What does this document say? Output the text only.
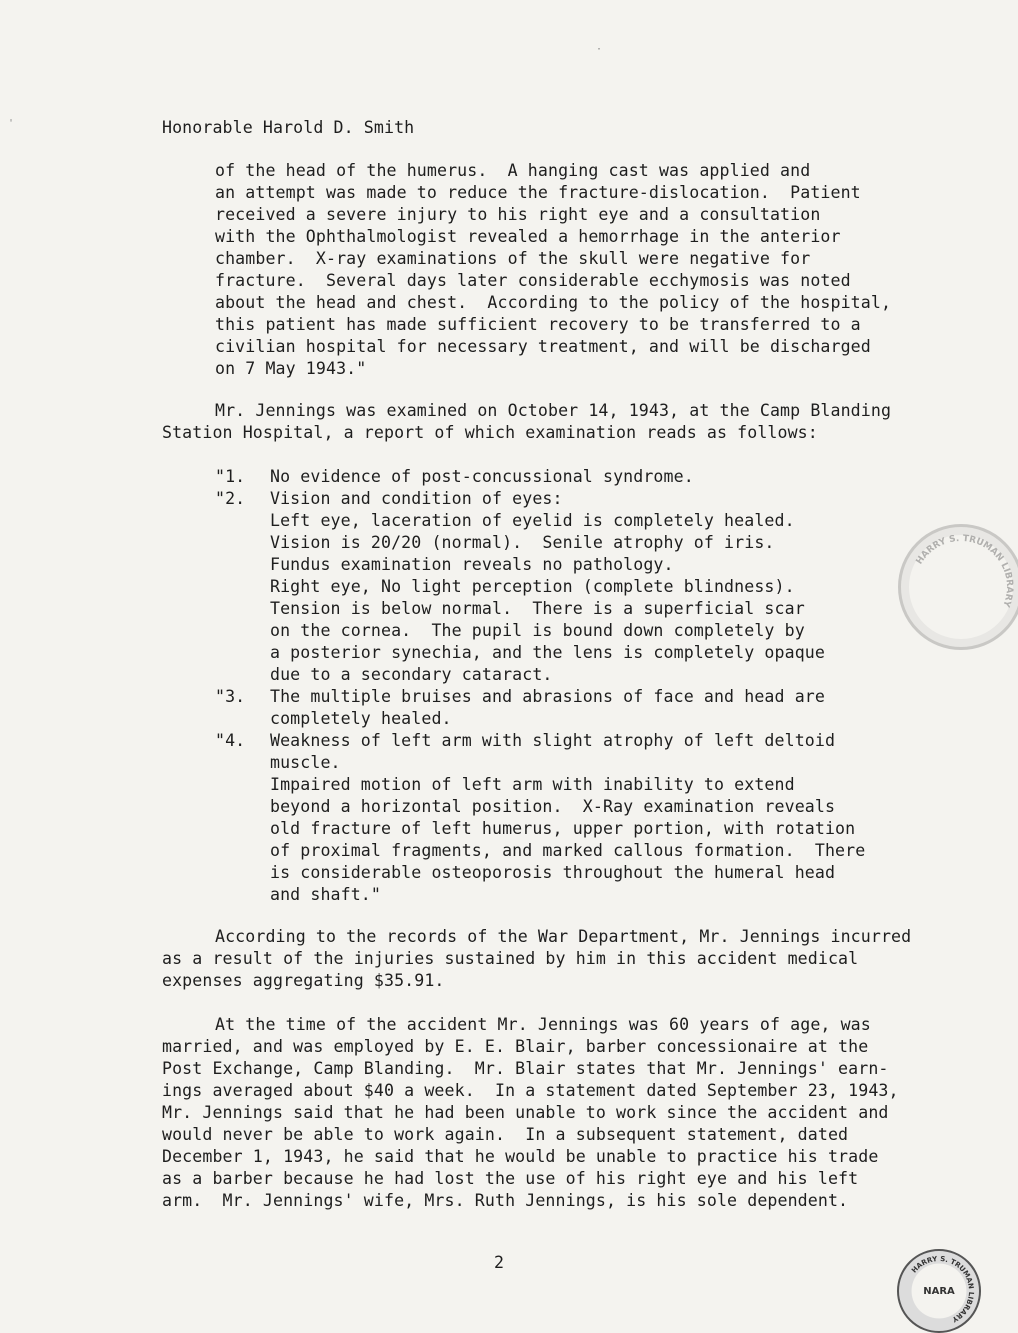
'
·
Honorable Harold D. Smith
of the head of the humerus.  A hanging cast was applied and
an attempt was made to reduce the fracture-dislocation.  Patient
received a severe injury to his right eye and a consultation
with the Ophthalmologist revealed a hemorrhage in the anterior
chamber.  X-ray examinations of the skull were negative for
fracture.  Several days later considerable ecchymosis was noted
about the head and chest.  According to the policy of the hospital,
this patient has made sufficient recovery to be transferred to a
civilian hospital for necessary treatment, and will be discharged
on 7 May 1943."
Mr. Jennings was examined on October 14, 1943, at the Camp Blanding
Station Hospital, a report of which examination reads as follows:
"1. No evidence of post-concussional syndrome.
"2. Vision and condition of eyes:
Left eye, laceration of eyelid is completely healed.
Vision is 20/20 (normal).  Senile atrophy of iris.
Fundus examination reveals no pathology.
Right eye, No light perception (complete blindness).
Tension is below normal.  There is a superficial scar
on the cornea.  The pupil is bound down completely by
a posterior synechia, and the lens is completely opaque
due to a secondary cataract.
"3. The multiple bruises and abrasions of face and head are
completely healed.
"4. Weakness of left arm with slight atrophy of left deltoid
muscle.
Impaired motion of left arm with inability to extend
beyond a horizontal position.  X-Ray examination reveals
old fracture of left humerus, upper portion, with rotation
of proximal fragments, and marked callous formation.  There
is considerable osteoporosis throughout the humeral head
and shaft."
According to the records of the War Department, Mr. Jennings incurred
as a result of the injuries sustained by him in this accident medical
expenses aggregating $35.91.
At the time of the accident Mr. Jennings was 60 years of age, was
married, and was employed by E. E. Blair, barber concessionaire at the
Post Exchange, Camp Blanding.  Mr. Blair states that Mr. Jennings' earn-
ings averaged about $40 a week.  In a statement dated September 23, 1943,
Mr. Jennings said that he had been unable to work since the accident and
would never be able to work again.  In a subsequent statement, dated
December 1, 1943, he said that he would be unable to practice his trade
as a barber because he had lost the use of his right eye and his left
arm.  Mr. Jennings' wife, Mrs. Ruth Jennings, is his sole dependent.
2
HARRY S. TRUMAN LIBRARY
HARRY S. TRUMAN LIBRARY
NARA
